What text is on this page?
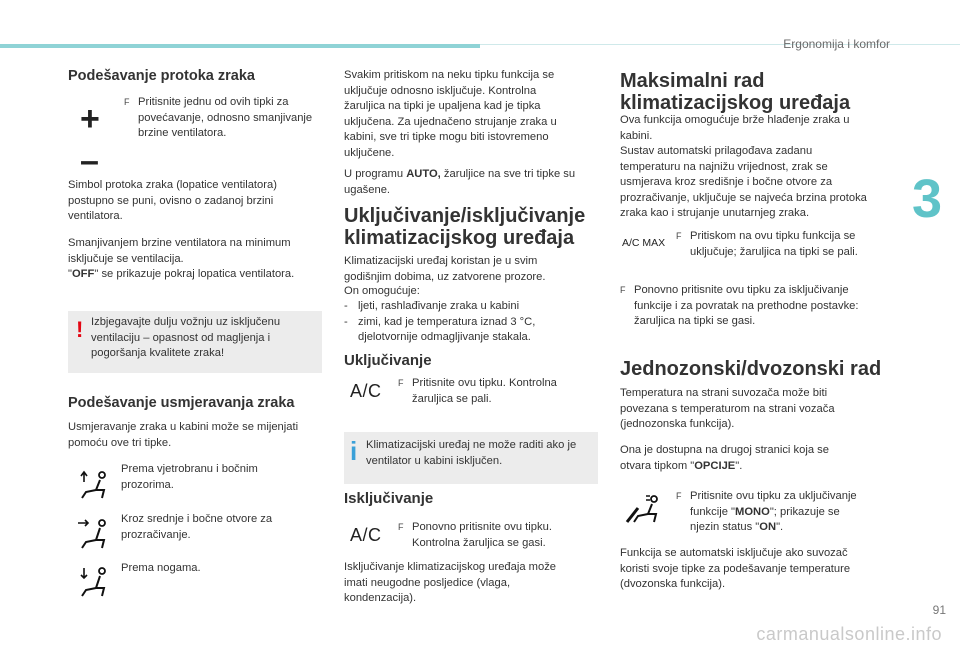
Ergonomija i komfor
3
91
carmanualsonline.info
Podešavanje protoka zraka
+
–
F Pritisnite jednu od ovih tipki za povećavanje, odnosno smanjivanje brzine ventilatora.

Simbol protoka zraka (lopatice ventilatora) postupno se puni, ovisno o zadanoj brzini ventilatora.

Smanjivanjem brzine ventilatora na minimum isključuje se ventilacija.

"OFF" se prikazuje pokraj lopatica ventilatora.

! Izbjegavajte dulju vožnju uz isključenu ventilaciju – opasnost od magljenja i pogoršanja kvalitete zraka!

Podešavanje usmjeravanja zraka

Usmjeravanje zraka u kabini može se mijenjati pomoću ove tri tipke.

Prema vjetrobranu i bočnim prozorima.

Kroz srednje i bočne otvore za prozračivanje.

Prema nogama.

Svakim pritiskom na neku tipku funkcija se uključuje odnosno isključuje. Kontrolna žaruljica na tipki je upaljena kad je tipka uključena. Za ujednačeno strujanje zraka u kabini, sve tri tipke mogu biti istovremeno uključene.

U programu AUTO, žaruljice na sve tri tipke su ugašene.

Uključivanje/isključivanje klimatizacijskog uređaja

Klimatizacijski uređaj koristan je u svim godišnjim dobima, uz zatvorene prozore.

On omogućuje:

- ljeti, rashlađivanje zraka u kabini
- zimi, kad je temperatura iznad 3 °C, djelotvornije odmagljivanje stakala.
Uključivanje
A/C F Pritisnite ovu tipku. Kontrolna žaruljica se pali.
i Klimatizacijski uređaj ne može raditi ako je ventilator u kabini isključen.

Isključivanje
A/C F Ponovno pritisnite ovu tipku. Kontrolna žaruljica se gasi.

Isključivanje klimatizacijskog uređaja može imati neugodne posljedice (vlaga, kondenzacija).

Maksimalni rad klimatizacijskog uređaja

Ova funkcija omogućuje brže hlađenje zraka u kabini.

Sustav automatski prilagođava zadanu temperaturu na najnižu vrijednost, zrak se usmjerava kroz središnje i bočne otvore za prozračivanje, uključuje se najveća brzina protoka zraka kao i strujanje unutarnjeg zraka.

A/C MAX
F Pritiskom na ovu tipku funkcija se uključuje; žaruljica na tipki se pali.
F Ponovno pritisnite ovu tipku za isključivanje funkcije i za povratak na prethodne postavke: žaruljica na tipki se gasi.
Jednozonski/dvozonski rad

Temperatura na strani suvozača može biti povezana s temperaturom na strani vozača (jednozonska funkcija).

Ona je dostupna na drugoj stranici koja se otvara tipkom "OPCIJE".

F Pritisnite ovu tipku za uključivanje funkcije "MONO"; prikazuje se njezin status "ON".

Funkcija se automatski isključuje ako suvozač koristi svoje tipke za podešavanje temperature (dvozonska funkcija).
